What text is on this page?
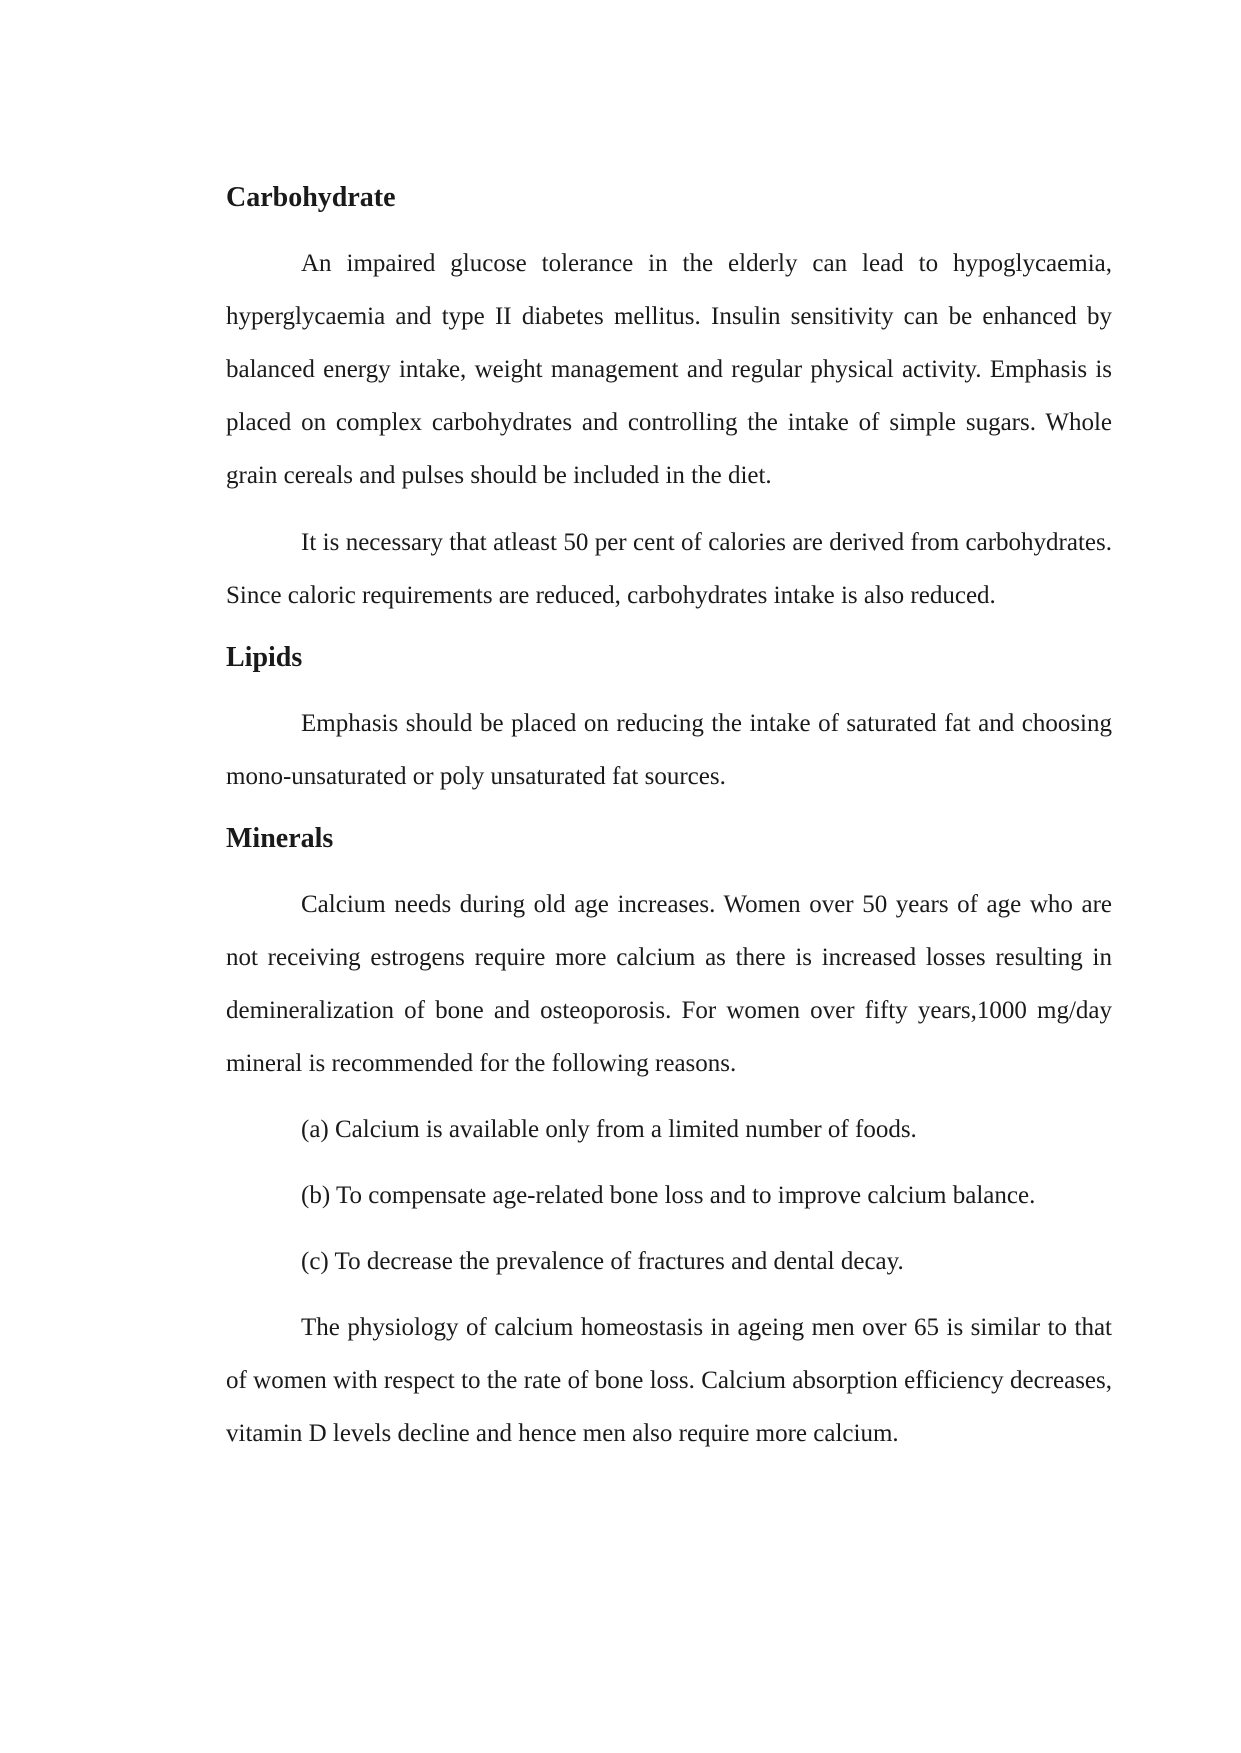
Carbohydrate

An impaired glucose tolerance in the elderly can lead to hypoglycaemia, hyperglycaemia and type II diabetes mellitus. Insulin sensitivity can be enhanced by balanced energy intake, weight management and regular physical activity. Emphasis is placed on complex carbohydrates and controlling the intake of simple sugars. Whole grain cereals and pulses should be included in the diet.

It is necessary that atleast 50 per cent of calories are derived from carbohydrates. Since caloric requirements are reduced, carbohydrates intake is also reduced.

Lipids

Emphasis should be placed on reducing the intake of saturated fat and choosing mono-unsaturated or poly unsaturated fat sources.

Minerals

Calcium needs during old age increases. Women over 50 years of age who are not receiving estrogens require more calcium as there is increased losses resulting in demineralization of bone and osteoporosis. For women over fifty years,1000 mg/day mineral is recommended for the following reasons.

(a) Calcium is available only from a limited number of foods.

(b) To compensate age-related bone loss and to improve calcium balance.

(c) To decrease the prevalence of fractures and dental decay.

The physiology of calcium homeostasis in ageing men over 65 is similar to that of women with respect to the rate of bone loss. Calcium absorption efficiency decreases, vitamin D levels decline and hence men also require more calcium.
